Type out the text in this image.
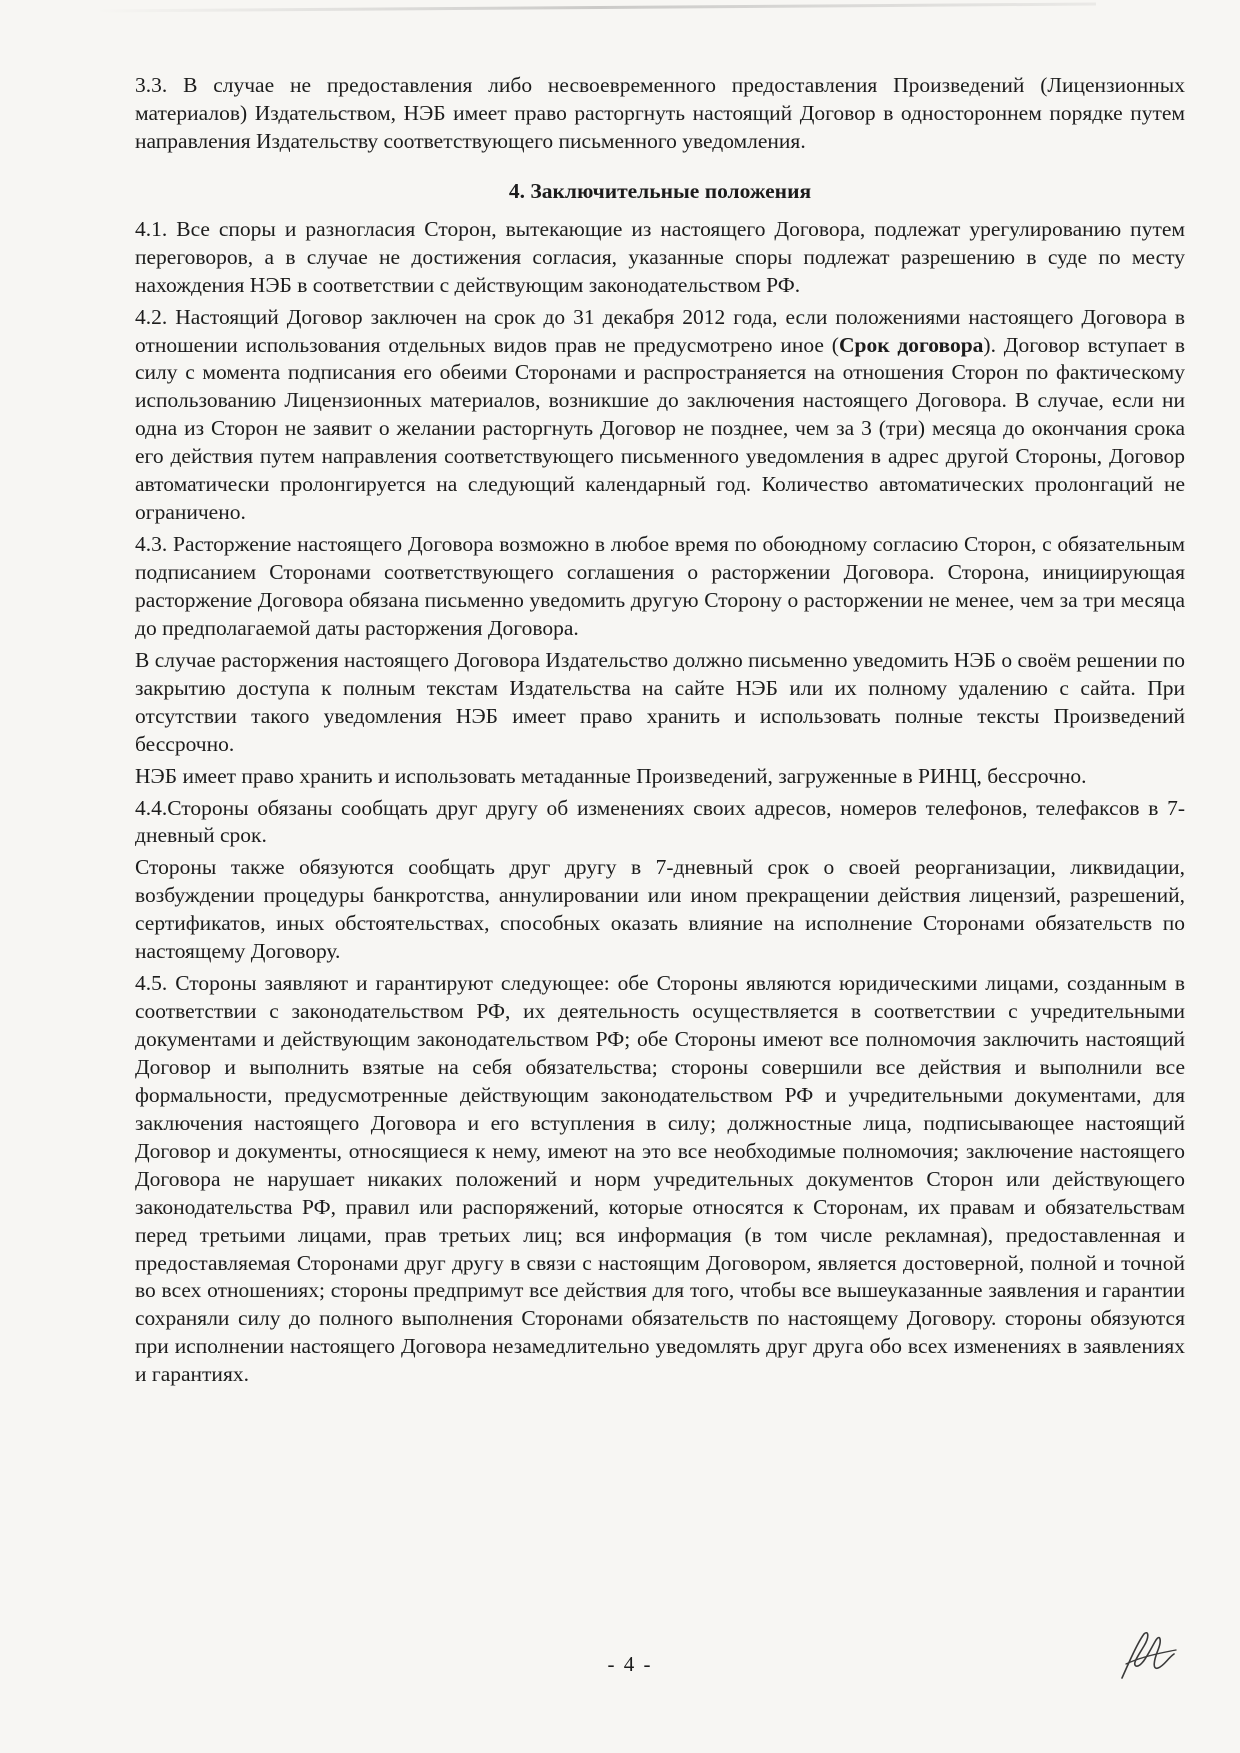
3.3. В случае не предоставления либо несвоевременного предоставления Произведений (Лицензионных материалов) Издательством, НЭБ имеет право расторгнуть настоящий Договор в одностороннем порядке путем направления Издательству соответствующего письменного уведомления.

4. Заключительные положения

4.1. Все споры и разногласия Сторон, вытекающие из настоящего Договора, подлежат урегулированию путем переговоров, а в случае не достижения согласия, указанные споры подлежат разрешению в суде по месту нахождения НЭБ в соответствии с действующим законодательством РФ.

4.2. Настоящий Договор заключен на срок до 31 декабря 2012 года, если положениями настоящего Договора в отношении использования отдельных видов прав не предусмотрено иное (Срок договора). Договор вступает в силу с момента подписания его обеими Сторонами и распространяется на отношения Сторон по фактическому использованию Лицензионных материалов, возникшие до заключения настоящего Договора. В случае, если ни одна из Сторон не заявит о желании расторгнуть Договор не позднее, чем за 3 (три) месяца до окончания срока его действия путем направления соответствующего письменного уведомления в адрес другой Стороны, Договор автоматически пролонгируется на следующий календарный год. Количество автоматических пролонгаций не ограничено.

4.3. Расторжение настоящего Договора возможно в любое время по обоюдному согласию Сторон, с обязательным подписанием Сторонами соответствующего соглашения о расторжении Договора. Сторона, инициирующая расторжение Договора обязана письменно уведомить другую Сторону о расторжении не менее, чем за три месяца до предполагаемой даты расторжения Договора.

В случае расторжения настоящего Договора Издательство должно письменно уведомить НЭБ о своём решении по закрытию доступа к полным текстам Издательства на сайте НЭБ или их полному удалению с сайта. При отсутствии такого уведомления НЭБ имеет право хранить и использовать полные тексты Произведений бессрочно.

НЭБ имеет право хранить и использовать метаданные Произведений, загруженные в РИНЦ, бессрочно.

4.4.Стороны обязаны сообщать друг другу об изменениях своих адресов, номеров телефонов, телефаксов в 7-дневный срок.

Стороны также обязуются сообщать друг другу в 7-дневный срок о своей реорганизации, ликвидации, возбуждении процедуры банкротства, аннулировании или ином прекращении действия лицензий, разрешений, сертификатов, иных обстоятельствах, способных оказать влияние на исполнение Сторонами обязательств по настоящему Договору.

4.5. Стороны заявляют и гарантируют следующее: обе Стороны являются юридическими лицами, созданным в соответствии с законодательством РФ, их деятельность осуществляется в соответствии с учредительными документами и действующим законодательством РФ; обе Стороны имеют все полномочия заключить настоящий Договор и выполнить взятые на себя обязательства; стороны совершили все действия и выполнили все формальности, предусмотренные действующим законодательством РФ и учредительными документами, для заключения настоящего Договора и его вступления в силу; должностные лица, подписывающее настоящий Договор и документы, относящиеся к нему, имеют на это все необходимые полномочия; заключение настоящего Договора не нарушает никаких положений и норм учредительных документов Сторон или действующего законодательства РФ, правил или распоряжений, которые относятся к Сторонам, их правам и обязательствам перед третьими лицами, прав третьих лиц; вся информация (в том числе рекламная), предоставленная и предоставляемая Сторонами друг другу в связи с настоящим Договором, является достоверной, полной и точной во всех отношениях; стороны предпримут все действия для того, чтобы все вышеуказанные заявления и гарантии сохраняли силу до полного выполнения Сторонами обязательств по настоящему Договору. стороны обязуются при исполнении настоящего Договора незамедлительно уведомлять друг друга обо всех изменениях в заявлениях и гарантиях.

- 4 -
